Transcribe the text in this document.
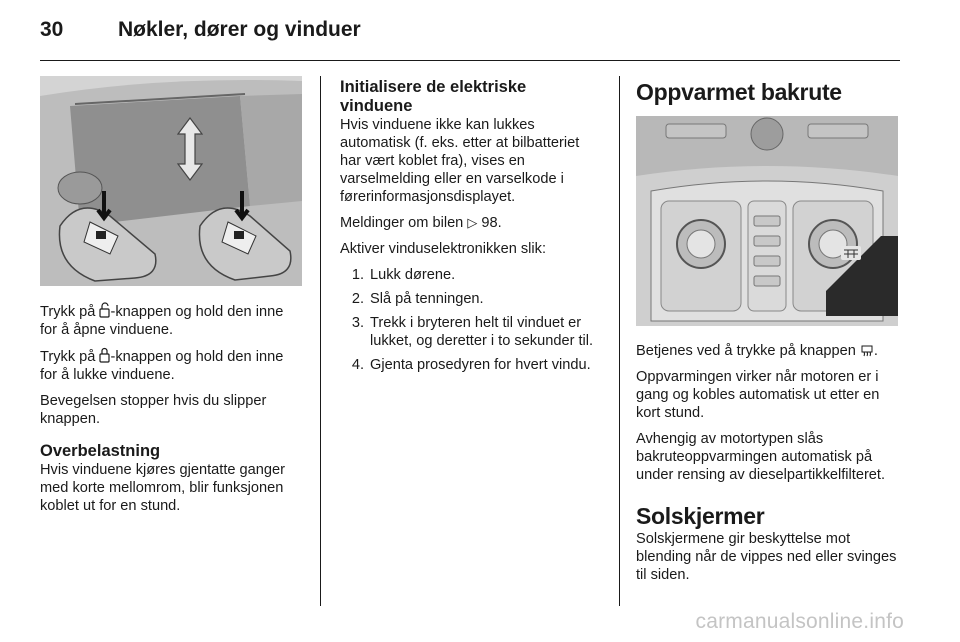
30	Nøkler, dører og vinduer

Trykk på -knappen og hold den inne for å åpne vinduene.

Trykk på -knappen og hold den inne for å lukke vinduene.

Bevegelsen stopper hvis du slipper knappen.

Overbelastning

Hvis vinduene kjøres gjentatte ganger med korte mellomrom, blir funksjonen koblet ut for en stund.

Initialisere de elektriske vinduene

Hvis vinduene ikke kan lukkes automatisk (f. eks. etter at bilbatteriet har vært koblet fra), vises en varselmelding eller en varselkode i førerinformasjonsdisplayet.

Meldinger om bilen ▷ 98.

Aktiver vinduselektronikken slik:

1. Lukk dørene.
2. Slå på tenningen.
3. Trekk i bryteren helt til vinduet er lukket, og deretter i to sekunder til.
4. Gjenta prosedyren for hvert vindu.
Oppvarmet bakrute

Betjenes ved å trykke på knappen .

Oppvarmingen virker når motoren er i gang og kobles automatisk ut etter en kort stund.

Avhengig av motortypen slås bakruteoppvarmingen automatisk på under rensing av dieselpartikkelfilteret.

Solskjermer

Solskjermene gir beskyttelse mot blending når de vippes ned eller svinges til siden.

carmanualsonline.info
